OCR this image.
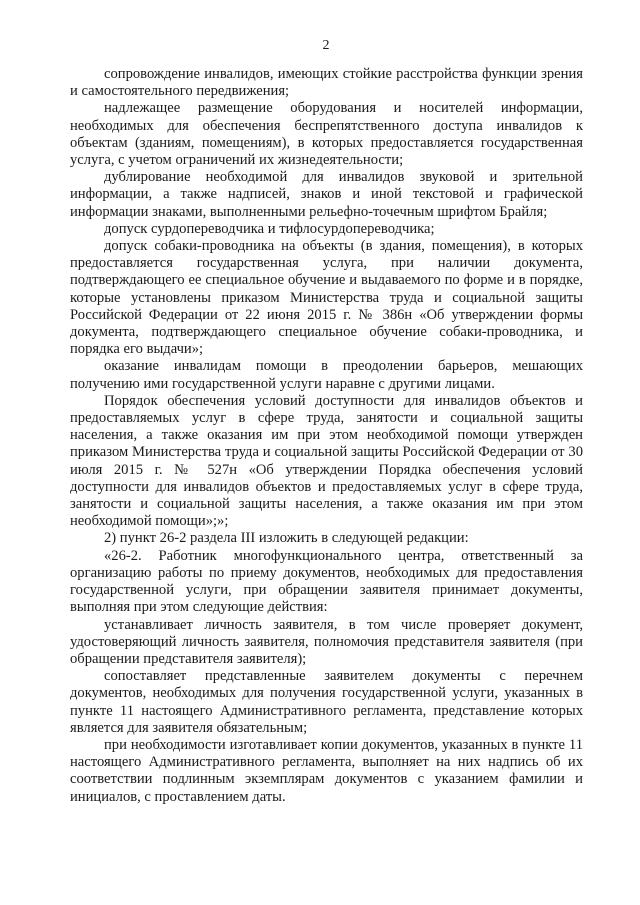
2

сопровождение инвалидов, имеющих стойкие расстройства функции зрения и самостоятельного передвижения;

надлежащее размещение оборудования и носителей информации, необходимых для обеспечения беспрепятственного доступа инвалидов к объектам (зданиям, помещениям), в которых предоставляется государственная услуга, с учетом ограничений их жизнедеятельности;

дублирование необходимой для инвалидов звуковой и зрительной информации, а также надписей, знаков и иной текстовой и графической информации знаками, выполненными рельефно-точечным шрифтом Брайля;

допуск сурдопереводчика и тифлосурдопереводчика;

допуск собаки-проводника на объекты (в здания, помещения), в которых предоставляется государственная услуга, при наличии документа, подтверждающего ее специальное обучение и выдаваемого по форме и в порядке, которые установлены приказом Министерства труда и социальной защиты Российской Федерации от 22 июня 2015 г. № 386н «Об утверждении формы документа, подтверждающего специальное обучение собаки-проводника, и порядка его выдачи»;

оказание инвалидам помощи в преодолении барьеров, мешающих получению ими государственной услуги наравне с другими лицами.

Порядок обеспечения условий доступности для инвалидов объектов и предоставляемых услуг в сфере труда, занятости и социальной защиты населения, а также оказания им при этом необходимой помощи утвержден приказом Министерства труда и социальной защиты Российской Федерации от 30 июля 2015 г. № 527н «Об утверждении Порядка обеспечения условий доступности для инвалидов объектов и предоставляемых услуг в сфере труда, занятости и социальной защиты населения, а также оказания им при этом необходимой помощи»;»;

2) пункт 26-2 раздела III изложить в следующей редакции:

«26-2. Работник многофункционального центра, ответственный за организацию работы по приему документов, необходимых для предоставления государственной услуги, при обращении заявителя принимает документы, выполняя при этом следующие действия:

устанавливает личность заявителя, в том числе проверяет документ, удостоверяющий личность заявителя, полномочия представителя заявителя (при обращении представителя заявителя);

сопоставляет представленные заявителем документы с перечнем документов, необходимых для получения государственной услуги, указанных в пункте 11 настоящего Административного регламента, представление которых является для заявителя обязательным;

при необходимости изготавливает копии документов, указанных в пункте 11 настоящего Административного регламента, выполняет на них надпись об их соответствии подлинным экземплярам документов с указанием фамилии и инициалов, с проставлением даты.
